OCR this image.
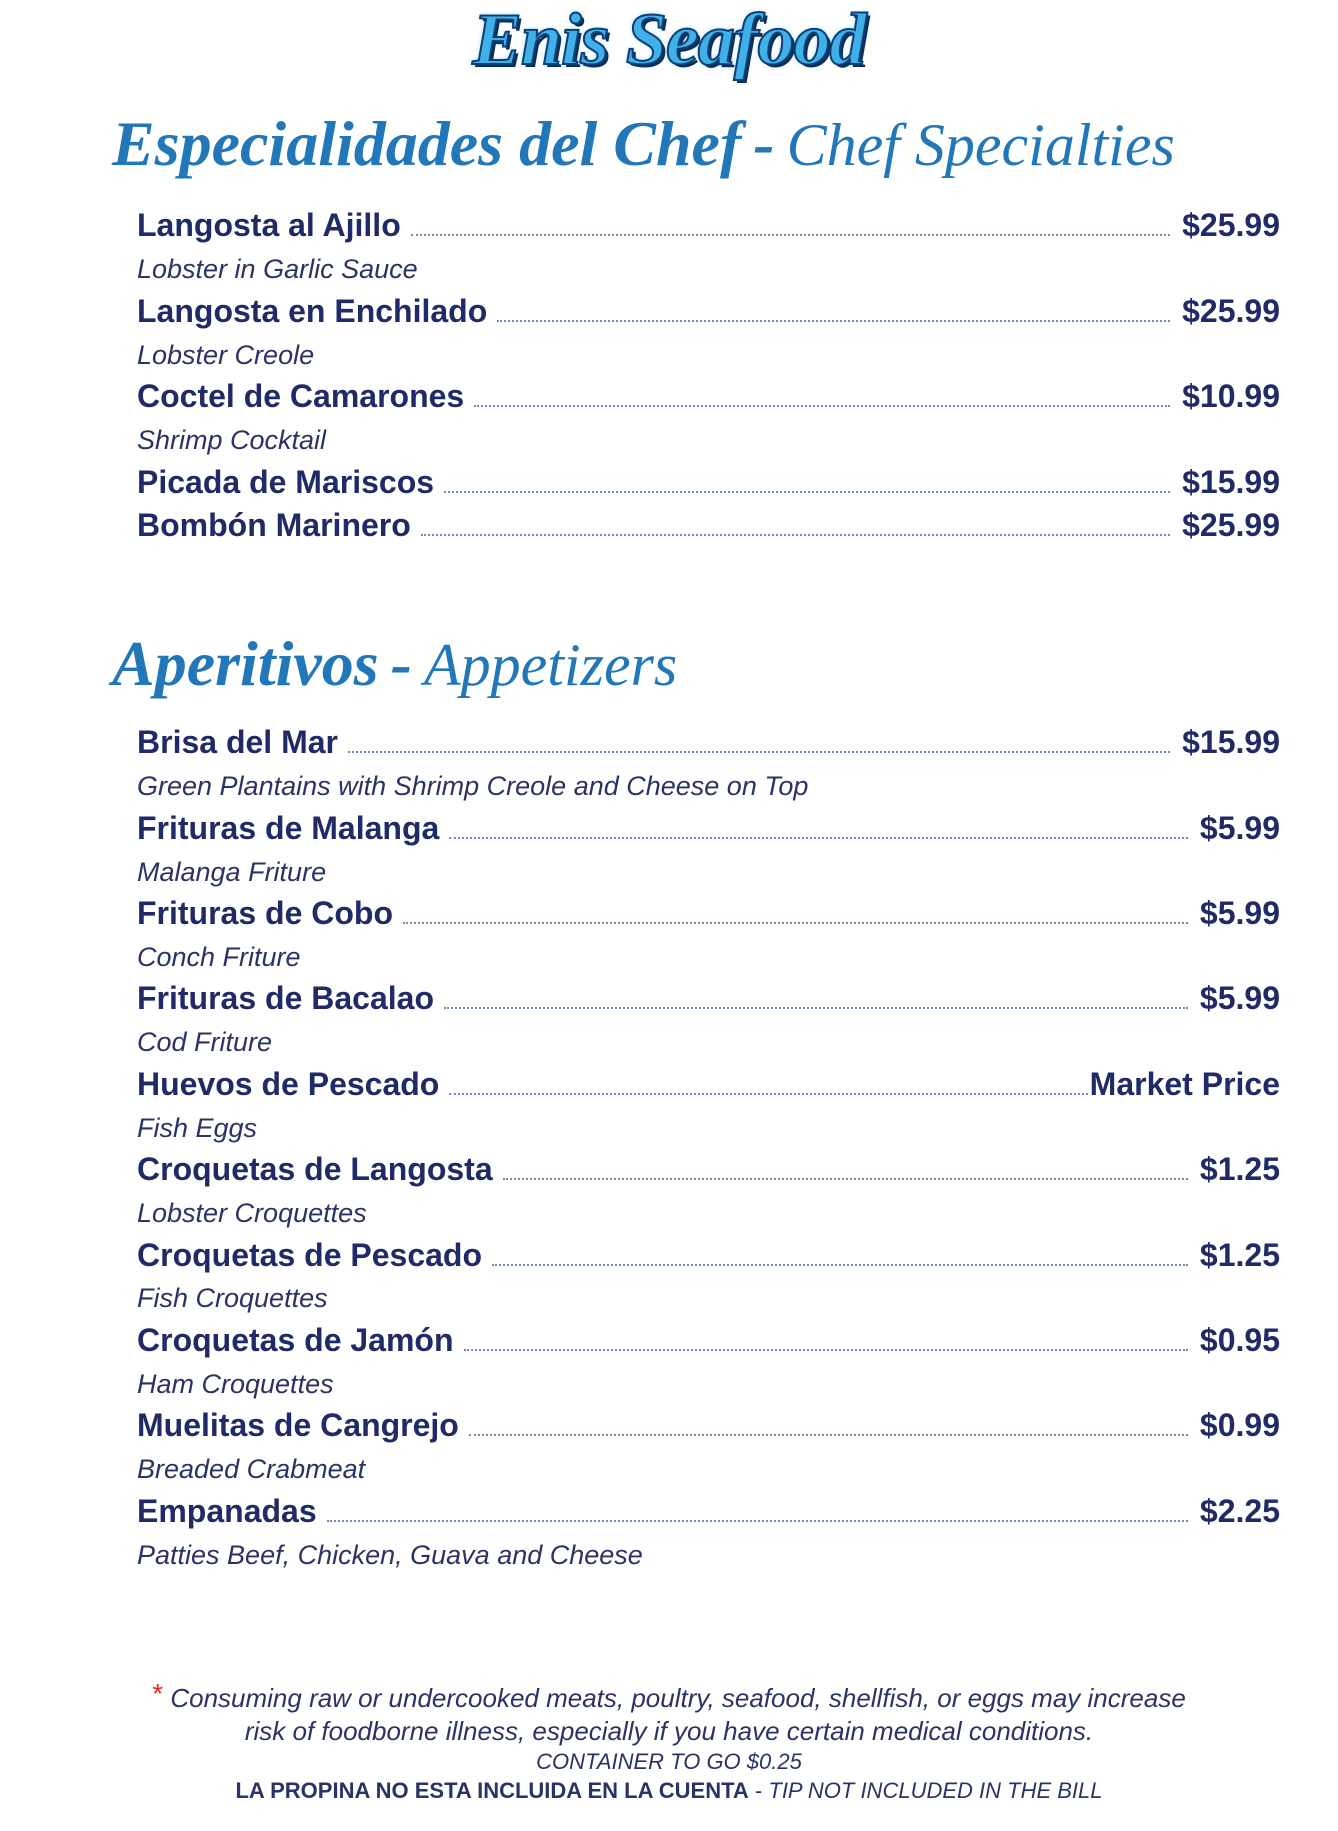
Enis Seafood
Especialidades del Chef - Chef Specialties
Langosta al Ajillo	$25.99
Lobster in Garlic Sauce
Langosta en Enchilado	$25.99
Lobster Creole
Coctel de Camarones	$10.99
Shrimp Cocktail
Picada de Mariscos	$15.99
Bombón Marinero	$25.99
Aperitivos - Appetizers
Brisa del Mar	$15.99
Green Plantains with Shrimp Creole and Cheese on Top
Frituras de Malanga	$5.99
Malanga Friture
Frituras de Cobo	$5.99
Conch Friture
Frituras de Bacalao	$5.99
Cod Friture
Huevos de Pescado	Market Price
Fish Eggs
Croquetas de Langosta	$1.25
Lobster Croquettes
Croquetas de Pescado	$1.25
Fish Croquettes
Croquetas de Jamón	$0.95
Ham Croquettes
Muelitas de Cangrejo	$0.99
Breaded Crabmeat
Empanadas	$2.25
Patties Beef, Chicken, Guava and Cheese
* Consuming raw or undercooked meats, poultry, seafood, shellfish, or eggs may increase
risk of foodborne illness, especially if you have certain medical conditions.
CONTAINER TO GO $0.25
LA PROPINA NO ESTA INCLUIDA EN LA CUENTA - TIP NOT INCLUDED IN THE BILL
